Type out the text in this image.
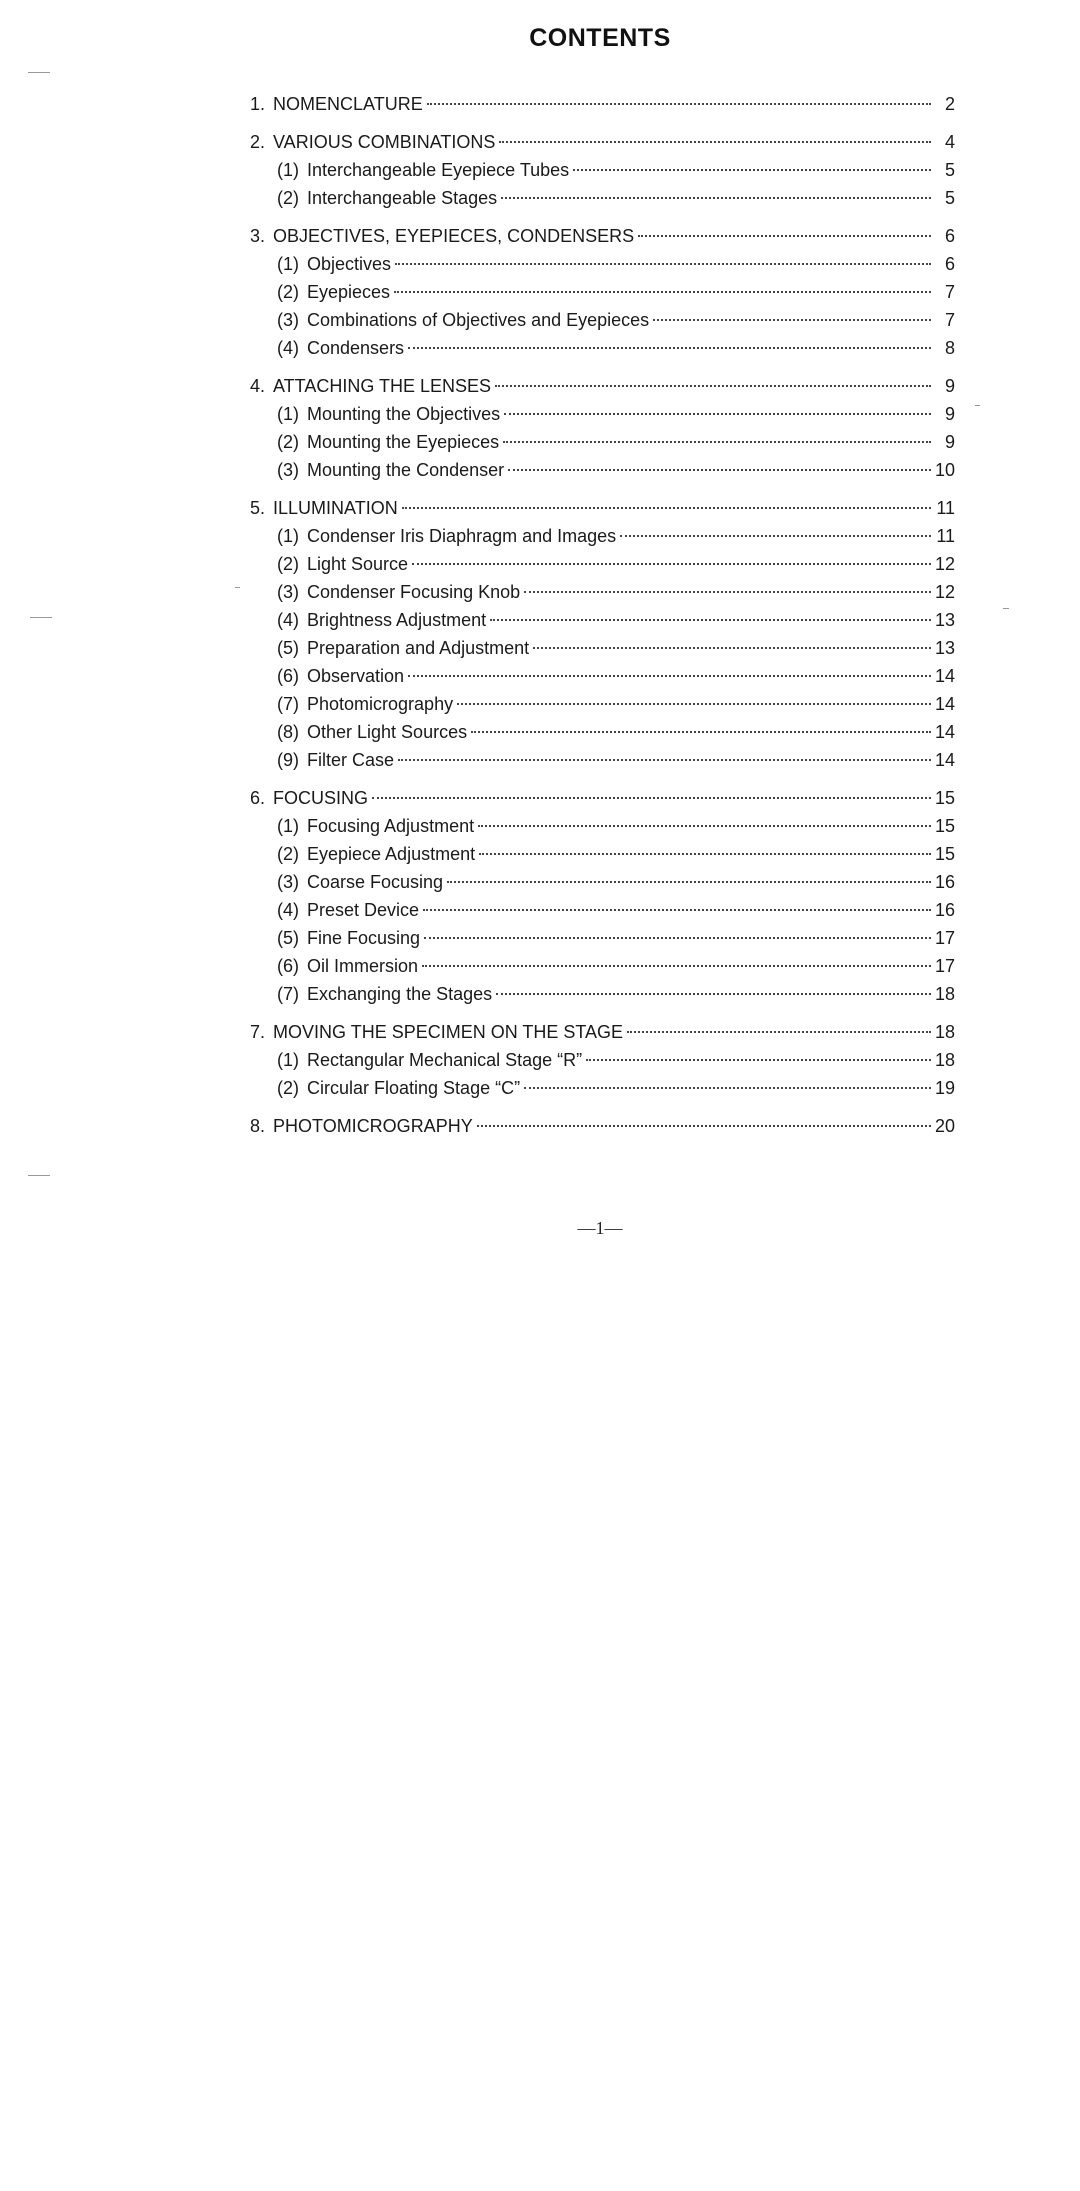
CONTENTS
1. NOMENCLATURE	2
2. VARIOUS COMBINATIONS	4
(1) Interchangeable Eyepiece Tubes	5
(2) Interchangeable Stages	5
3. OBJECTIVES, EYEPIECES, CONDENSERS	6
(1) Objectives	6
(2) Eyepieces	7
(3) Combinations of Objectives and Eyepieces	7
(4) Condensers	8
4. ATTACHING THE LENSES	9
(1) Mounting the Objectives	9
(2) Mounting the Eyepieces	9
(3) Mounting the Condenser	10
5. ILLUMINATION	11
(1) Condenser Iris Diaphragm and Images	11
(2) Light Source	12
(3) Condenser Focusing Knob	12
(4) Brightness Adjustment	13
(5) Preparation and Adjustment	13
(6) Observation	14
(7) Photomicrography	14
(8) Other Light Sources	14
(9) Filter Case	14
6. FOCUSING	15
(1) Focusing Adjustment	15
(2) Eyepiece Adjustment	15
(3) Coarse Focusing	16
(4) Preset Device	16
(5) Fine Focusing	17
(6) Oil Immersion	17
(7) Exchanging the Stages	18
7. MOVING THE SPECIMEN ON THE STAGE	18
(1) Rectangular Mechanical Stage “R”	18
(2) Circular Floating Stage “C”	19
8. PHOTOMICROGRAPHY	20
—1—
